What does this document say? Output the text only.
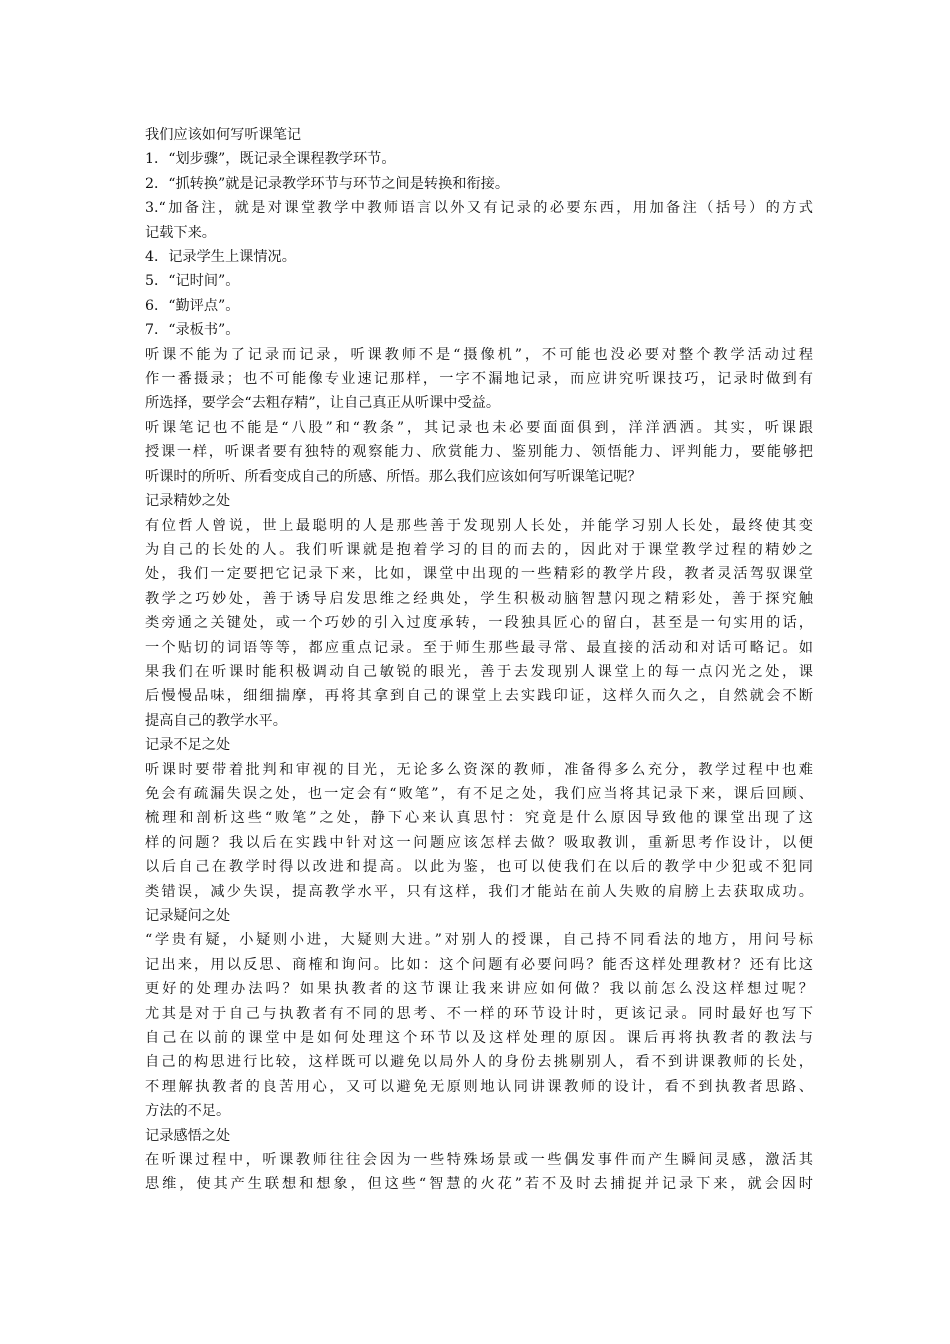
我们应该如何写听课笔记
1．“划步骤”，既记录全课程教学环节。
2．“抓转换”就是记录教学环节与环节之间是转换和衔接。
3.“加备注，就是对课堂教学中教师语言以外又有记录的必要东西，用加备注（括号）的方式
记载下来。
4．记录学生上课情况。
5．“记时间”。
6．“勤评点”。
7．“录板书”。
听课不能为了记录而记录，听课教师不是“摄像机”，不可能也没必要对整个教学活动过程
作一番摄录；也不可能像专业速记那样，一字不漏地记录，而应讲究听课技巧，记录时做到有
所选择，要学会“去粗存精”，让自己真正从听课中受益。
听课笔记也不能是“八股”和“教条”，其记录也未必要面面俱到，洋洋洒洒。其实，听课跟
授课一样，听课者要有独特的观察能力、欣赏能力、鉴别能力、领悟能力、评判能力，要能够把
听课时的所听、所看变成自己的所感、所悟。那么我们应该如何写听课笔记呢？
记录精妙之处
有位哲人曾说，世上最聪明的人是那些善于发现别人长处，并能学习别人长处，最终使其变
为自己的长处的人。我们听课就是抱着学习的目的而去的，因此对于课堂教学过程的精妙之
处，我们一定要把它记录下来，比如，课堂中出现的一些精彩的教学片段，教者灵活驾驭课堂
教学之巧妙处，善于诱导启发思维之经典处，学生积极动脑智慧闪现之精彩处，善于探究触
类旁通之关键处，或一个巧妙的引入过度承转，一段独具匠心的留白，甚至是一句实用的话，
一个贴切的词语等等，都应重点记录。至于师生那些最寻常、最直接的活动和对话可略记。如
果我们在听课时能积极调动自己敏锐的眼光，善于去发现别人课堂上的每一点闪光之处，课
后慢慢品味，细细揣摩，再将其拿到自己的课堂上去实践印证，这样久而久之，自然就会不断
提高自己的教学水平。
记录不足之处
听课时要带着批判和审视的目光，无论多么资深的教师，准备得多么充分，教学过程中也难
免会有疏漏失误之处，也一定会有“败笔”，有不足之处，我们应当将其记录下来，课后回顾、
梳理和剖析这些“败笔”之处，静下心来认真思忖：究竟是什么原因导致他的课堂出现了这
样的问题？我以后在实践中针对这一问题应该怎样去做？吸取教训，重新思考作设计，以便
以后自己在教学时得以改进和提高。以此为鉴，也可以使我们在以后的教学中少犯或不犯同
类错误，减少失误，提高教学水平，只有这样，我们才能站在前人失败的肩膀上去获取成功。
记录疑问之处
“学贵有疑，小疑则小进，大疑则大进。”对别人的授课，自己持不同看法的地方，用问号标
记出来，用以反思、商榷和询问。比如：这个问题有必要问吗？能否这样处理教材？还有比这
更好的处理办法吗？如果执教者的这节课让我来讲应如何做？我以前怎么没这样想过呢？
尤其是对于自己与执教者有不同的思考、不一样的环节设计时，更该记录。同时最好也写下
自己在以前的课堂中是如何处理这个环节以及这样处理的原因。课后再将执教者的教法与
自己的构思进行比较，这样既可以避免以局外人的身份去挑剔别人，看不到讲课教师的长处，
不理解执教者的良苦用心，又可以避免无原则地认同讲课教师的设计，看不到执教者思路、
方法的不足。
记录感悟之处
在听课过程中，听课教师往往会因为一些特殊场景或一些偶发事件而产生瞬间灵感，激活其
思维，使其产生联想和想象，但这些“智慧的火花”若不及时去捕捉并记录下来，就会因时
